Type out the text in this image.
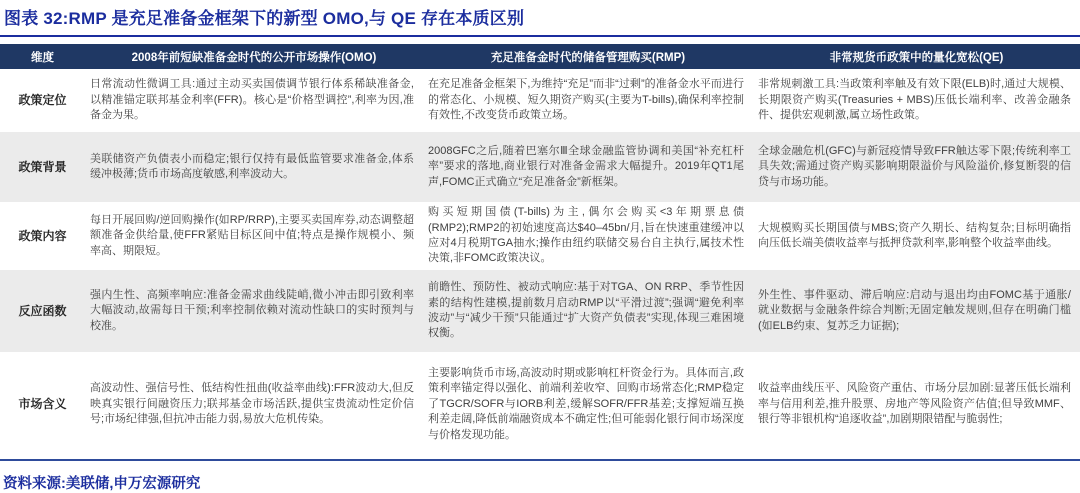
图表 32:RMP 是充足准备金框架下的新型 OMO,与 QE 存在本质区别
维度	2008年前短缺准备金时代的公开市场操作(OMO)	充足准备金时代的储备管理购买(RMP)	非常规货币政策中的量化宽松(QE)
政策定位	日常流动性微调工具:通过主动买卖国债调节银行体系稀缺准备金,以精准锚定联邦基金利率(FFR)。核心是“价格型调控”,利率为因,准备金为果。	在充足准备金框架下,为维持“充足”而非“过剩”的准备金水平而进行的常态化、小规模、短久期资产购买(主要为T-bills),确保利率控制有效性,不改变货币政策立场。	非常规刺激工具:当政策利率触及有效下限(ELB)时,通过大规模、长期限资产购买(Treasuries + MBS)压低长端利率、改善金融条件、提供宏观刺激,属立场性政策。
政策背景	美联储资产负债表小而稳定;银行仅持有最低监管要求准备金,体系缓冲极薄;货币市场高度敏感,利率波动大。	2008GFC之后,随着巴塞尔Ⅲ全球金融监管协调和美国“补充杠杆率”要求的落地,商业银行对准备金需求大幅提升。2019年QT1尾声,FOMC正式确立“充足准备金”新框架。	全球金融危机(GFC)与新冠疫情导致FFR触达零下限;传统利率工具失效;需通过资产购买影响期限溢价与风险溢价,修复断裂的信贷与市场功能。
政策内容	每日开展回购/逆回购操作(如RP/RRP),主要买卖国库券,动态调整超额准备金供给量,使FFR紧贴目标区间中值;特点是操作规模小、频率高、期限短。	购买短期国债(T-bills)为主,偶尔会购买<3年期票息债(RMP2);RMP2的初始速度高达$40–45bn/月,旨在快速重建缓冲以应对4月税期TGA抽水;操作由纽约联储交易台自主执行,属技术性决策,非FOMC政策决议。	大规模购买长期国债与MBS;资产久期长、结构复杂;目标明确指向压低长端美债收益率与抵押贷款利率,影响整个收益率曲线。
反应函数	强内生性、高频率响应:准备金需求曲线陡峭,微小冲击即引致利率大幅波动,故需每日干预;利率控制依赖对流动性缺口的实时预判与校准。	前瞻性、预防性、被动式响应:基于对TGA、ON RRP、季节性因素的结构性建模,提前数月启动RMP以“平滑过渡”;强调“避免利率波动”与“减少干预”只能通过“扩大资产负债表”实现,体现三难困境权衡。	外生性、事件驱动、滞后响应:启动与退出均由FOMC基于通胀/就业数据与金融条件综合判断;无固定触发规则,但存在明确门槛(如ELB约束、复苏乏力证据);
市场含义	高波动性、强信号性、低结构性扭曲(收益率曲线):FFR波动大,但反映真实银行间融资压力;联邦基金市场活跃,提供宝贵流动性定价信号;市场纪律强,但抗冲击能力弱,易放大危机传染。	主要影响货币市场,高波动时期或影响杠杆资金行为。具体而言,政策利率锚定得以强化、前端利差收窄、回购市场常态化;RMP稳定了TGCR/SOFR与IORB利差,缓解SOFR/FFR基差;支撑短端互换利差走阔,降低前端融资成本不确定性;但可能弱化银行间市场深度与价格发现功能。	收益率曲线压平、风险资产重估、市场分层加剧:显著压低长端利率与信用利差,推升股票、房地产等风险资产估值;但导致MMF、银行等非银机构“追逐收益”,加剧期限错配与脆弱性;
资料来源:美联储,申万宏源研究
